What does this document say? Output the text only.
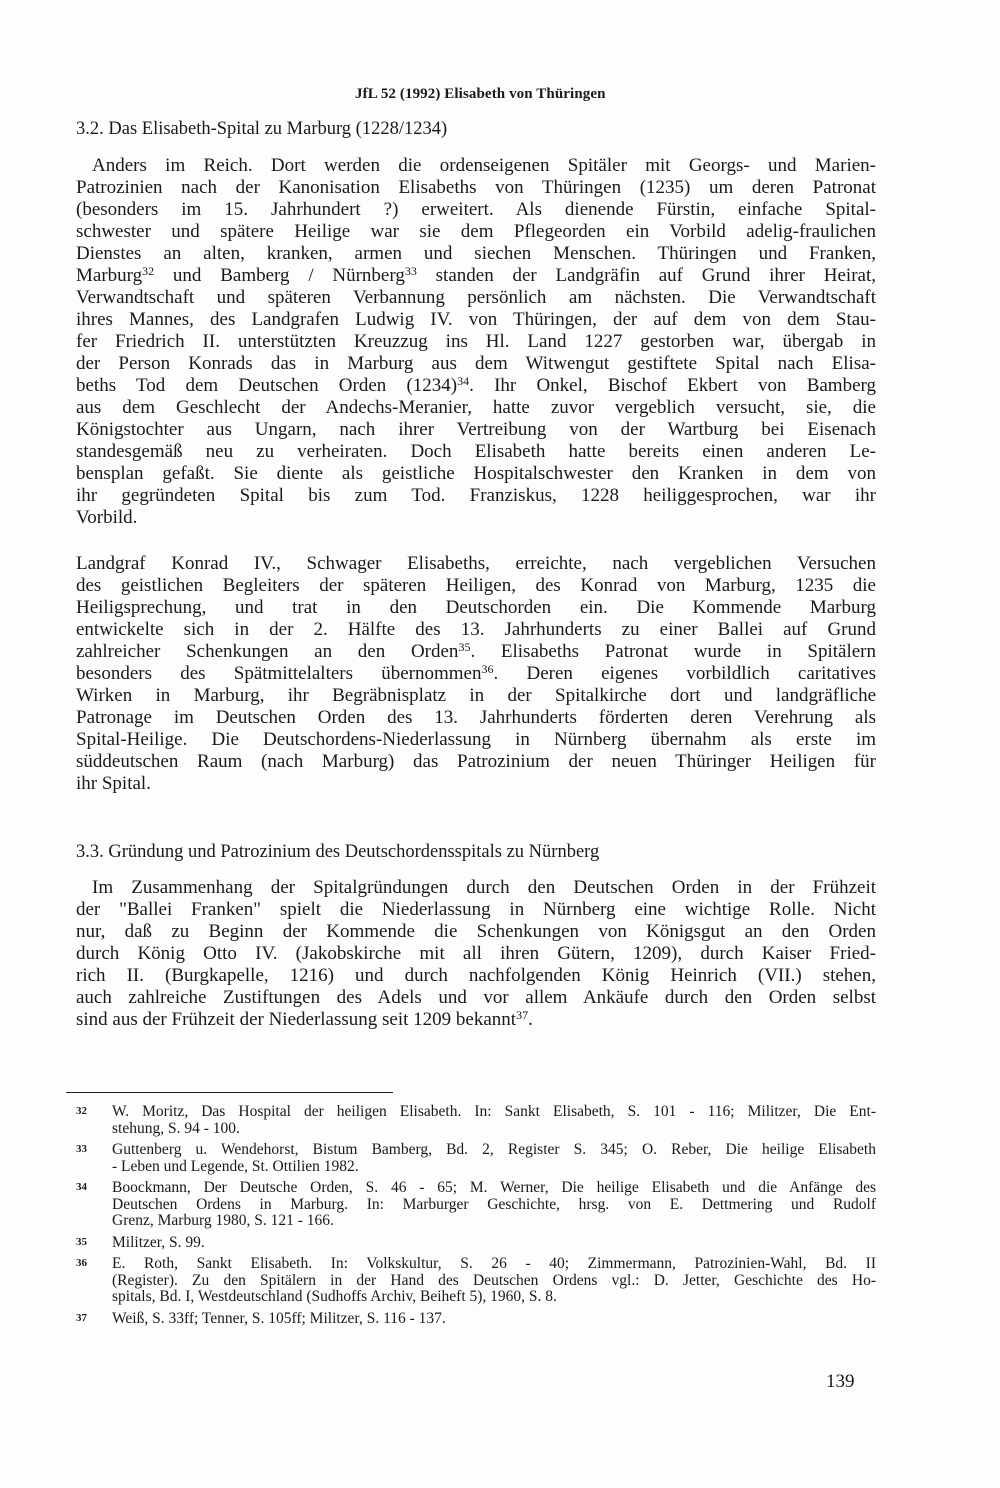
JfL 52 (1992) Elisabeth von Thüringen
3.2. Das Elisabeth-Spital zu Marburg (1228/1234)
Anders im Reich. Dort werden die ordenseigenen Spitäler mit Georgs- und Marien-
Patrozinien nach der Kanonisation Elisabeths von Thüringen (1235) um deren Patronat
(besonders im 15. Jahrhundert ?) erweitert. Als dienende Fürstin, einfache Spital-
schwester und spätere Heilige war sie dem Pflegeorden ein Vorbild adelig-fraulichen
Dienstes an alten, kranken, armen und siechen Menschen. Thüringen und Franken,
Marburg$^{32}$ und Bamberg / Nürnberg$^{33}$ standen der Landgräfin auf Grund ihrer Heirat,
Verwandtschaft und späteren Verbannung persönlich am nächsten. Die Verwandtschaft
ihres Mannes, des Landgrafen Ludwig IV. von Thüringen, der auf dem von dem Stau-
fer Friedrich II. unterstützten Kreuzzug ins Hl. Land 1227 gestorben war, übergab in
der Person Konrads das in Marburg aus dem Witwengut gestiftete Spital nach Elisa-
beths Tod dem Deutschen Orden $(1234)^{34}$. Ihr Onkel, Bischof Ekbert von Bamberg
aus dem Geschlecht der Andechs-Meranier, hatte zuvor vergeblich versucht, sie, die
Königstochter aus Ungarn, nach ihrer Vertreibung von der Wartburg bei Eisenach
standesgemäß neu zu verheiraten. Doch Elisabeth hatte bereits einen anderen Le-
bensplan gefaßt. Sie diente als geistliche Hospitalschwester den Kranken in dem von
ihr gegründeten Spital bis zum Tod. Franziskus, 1228 heiliggesprochen, war ihr
Vorbild.
Landgraf Konrad IV., Schwager Elisabeths, erreichte, nach vergeblichen Versuchen
des geistlichen Begleiters der späteren Heiligen, des Konrad von Marburg, 1235 die
Heiligsprechung, und trat in den Deutschorden ein. Die Kommende Marburg
entwickelte sich in der 2. Hälfte des 13. Jahrhunderts zu einer Ballei auf Grund
zahlreicher Schenkungen an den Orden$^{35}$. Elisabeths Patronat wurde in Spitälern
besonders des Spätmittelalters übernommen$^{36}$. Deren eigenes vorbildlich caritatives
Wirken in Marburg, ihr Begräbnisplatz in der Spitalkirche dort und landgräfliche
Patronage im Deutschen Orden des 13. Jahrhunderts förderten deren Verehrung als
Spital-Heilige. Die Deutschordens-Niederlassung in Nürnberg übernahm als erste im
süddeutschen Raum (nach Marburg) das Patrozinium der neuen Thüringer Heiligen für
ihr Spital.
3.3. Gründung und Patrozinium des Deutschordensspitals zu Nürnberg
Im Zusammenhang der Spitalgründungen durch den Deutschen Orden in der Frühzeit
der "Ballei Franken" spielt die Niederlassung in Nürnberg eine wichtige Rolle. Nicht
nur, daß zu Beginn der Kommende die Schenkungen von Königsgut an den Orden
durch König Otto IV. (Jakobskirche mit all ihren Gütern, 1209), durch Kaiser Fried-
rich II. (Burgkapelle, 1216) und durch nachfolgenden König Heinrich (VII.) stehen,
auch zahlreiche Zustiftungen des Adels und vor allem Ankäufe durch den Orden selbst
sind aus der Frühzeit der Niederlassung seit 1209 bekannt$^{37}$.
32 W. Moritz, Das Hospital der heiligen Elisabeth. In: Sankt Elisabeth, S. 101 - 116; Militzer, Die Ent-
stehung, S. 94 - 100.
33 Guttenberg u. Wendehorst, Bistum Bamberg, Bd. 2, Register S. 345; O. Reber, Die heilige Elisabeth
- Leben und Legende, St. Ottilien 1982.
34 Boockmann, Der Deutsche Orden, S. 46 - 65; M. Werner, Die heilige Elisabeth und die Anfänge des
Deutschen Ordens in Marburg. In: Marburger Geschichte, hrsg. von E. Dettmering und Rudolf
Grenz, Marburg 1980, S. 121 - 166.
35 Militzer, S. 99.
36 E. Roth, Sankt Elisabeth. In: Volkskultur, S. 26 - 40; Zimmermann, Patrozinien-Wahl, Bd. II
(Register). Zu den Spitälern in der Hand des Deutschen Ordens vgl.: D. Jetter, Geschichte des Ho-
spitals, Bd. I, Westdeutschland (Sudhoffs Archiv, Beiheft 5), 1960, S. 8.
37 Weiß, S. 33ff; Tenner, S. 105ff; Militzer, S. 116 - 137.
139
